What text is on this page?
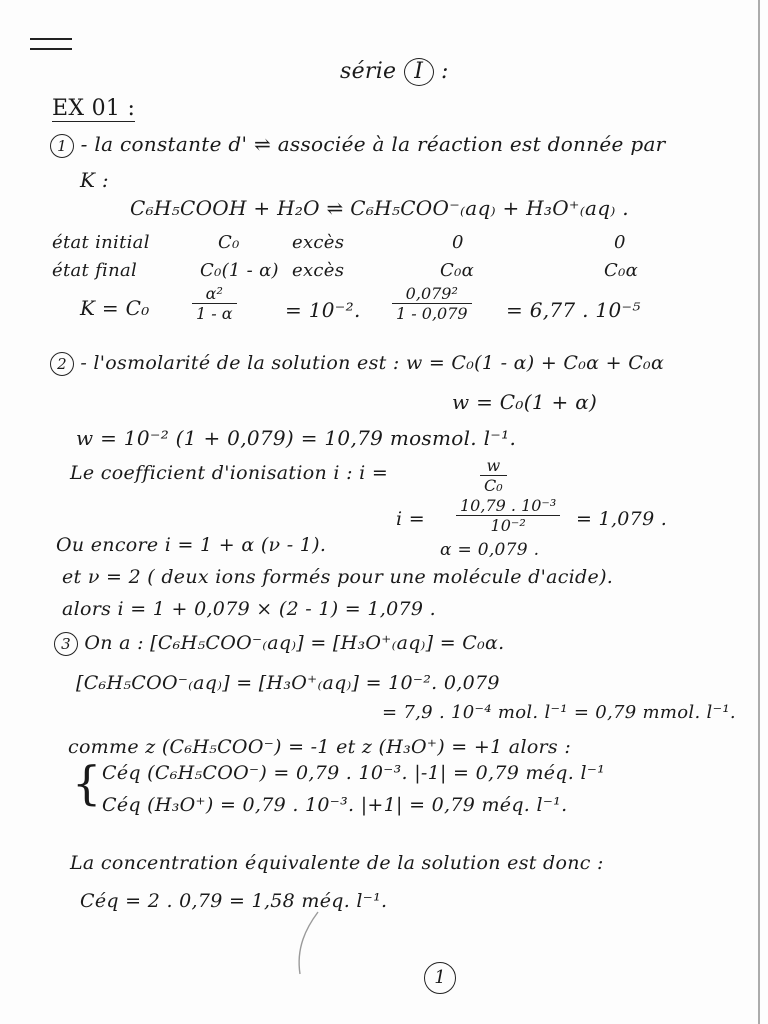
série I :
EX 01 :
1 - la constante d' ⇌ associée à la réaction est donnée par
K :
C₆H₅COOH + H₂O ⇌ C₆H₅COO⁻₍aq₎ + H₃O⁺₍aq₎ .
état initial	C₀	excès	0	0
état final	C₀(1 - α) excès	C₀α	C₀α
K = C₀	$\frac{\text{α²}}{1 - \alpha} = 10^{-2}$. $\frac{\text{0,079²}}{1 - 0,079} = 6,77$ . 10⁻⁵
2 - l'osmolarité de la solution est : w = C₀(1 - α) + C₀α + C₀α
w = C₀(1 + α)
w = 10⁻² (1 + 0,079) = 10,79 mosmol. l⁻¹.
Le coefficient d'ionisation i : i =	$\frac{w}{\text{C₀}}$
$i = \frac{\text{10,79 . 10⁻³}}{\text{10⁻²}} = 1,079$ .
Ou encore i = 1 + α (ν - 1).	α = 0,079 .
et ν = 2 ( deux ions formés pour une molécule d'acide).
alors i = 1 + 0,079 × (2 - 1) = 1,079 .
3 On a : [C₆H₅COO⁻₍aq₎] = [H₃O⁺₍aq₎] = C₀α.
[C₆H₅COO⁻₍aq₎] = [H₃O⁺₍aq₎] = 10⁻². 0,079
= 7,9 . 10⁻⁴ mol. l⁻¹ = 0,79 mmol. l⁻¹.
comme z (C₆H₅COO⁻) = -1 et z (H₃O⁺) = +1 alors :
{ Céq (C₆H₅COO⁻) = 0,79 . 10⁻³. |-1| = 0,79 méq. l⁻¹
Céq (H₃O⁺) = 0,79 . 10⁻³. |+1| = 0,79 méq. l⁻¹.
La concentration équivalente de la solution est donc :
Céq = 2 . 0,79 = 1,58 méq. l⁻¹.
1
